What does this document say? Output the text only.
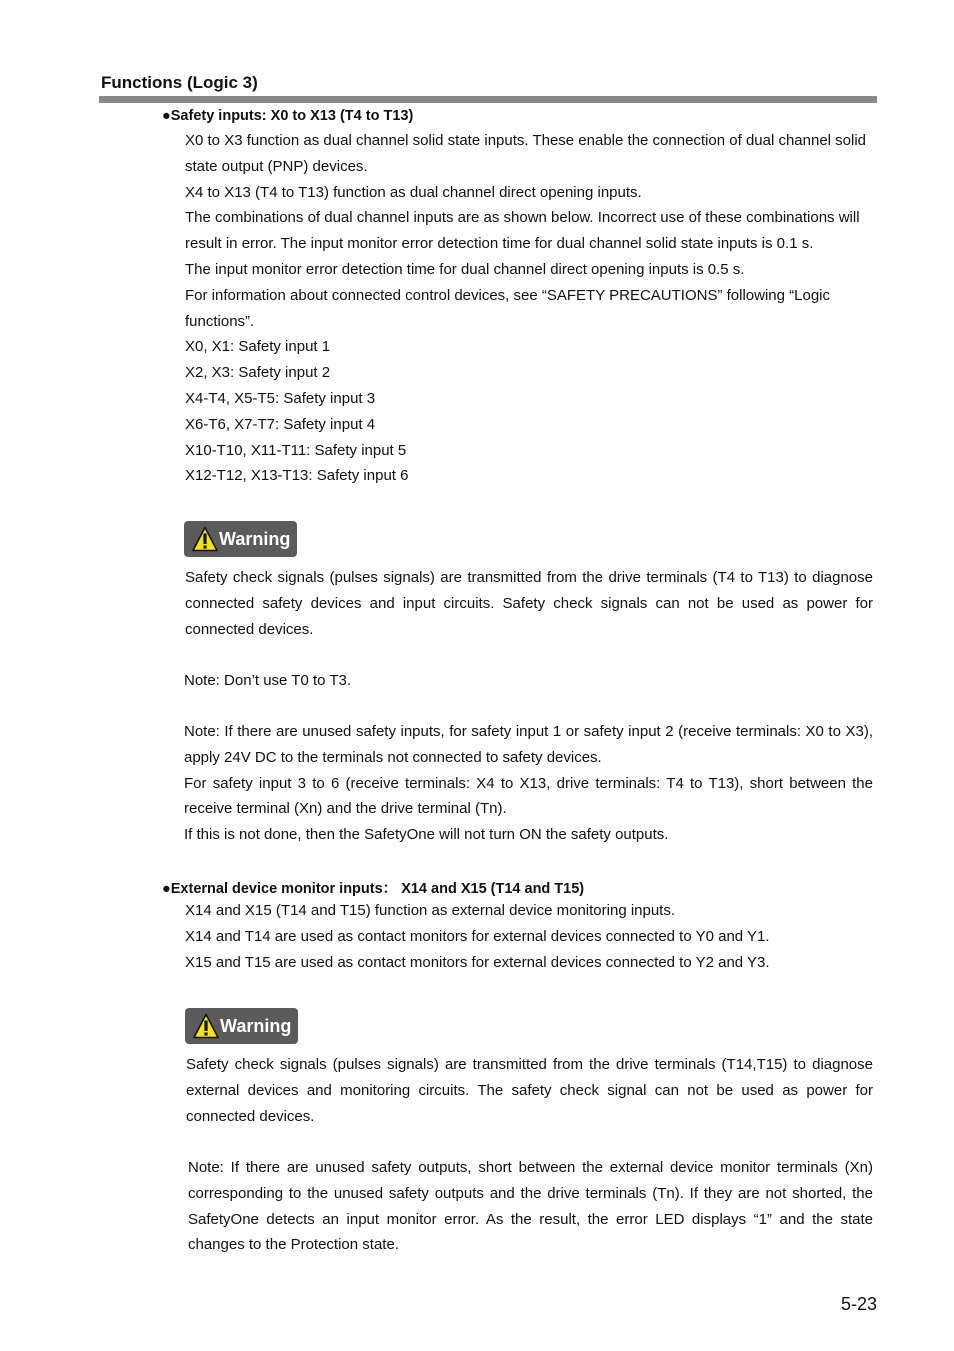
Functions (Logic 3)
●Safety inputs: X0 to X13 (T4 to T13)

X0 to X3 function as dual channel solid state inputs. These enable the connection of dual channel solid state output (PNP) devices.

X4 to X13 (T4 to T13) function as dual channel direct opening inputs.

The combinations of dual channel inputs are as shown below. Incorrect use of these combinations will result in error. The input monitor error detection time for dual channel solid state inputs is 0.1 s.

The input monitor error detection time for dual channel direct opening inputs is 0.5 s.

For information about connected control devices, see “SAFETY PRECAUTIONS” following “Logic functions”.

X0, X1: Safety input 1

X2, X3: Safety input 2

X4-T4, X5-T5: Safety input 3

X6-T6, X7-T7: Safety input 4

X10-T10, X11-T11: Safety input 5

X12-T12, X13-T13: Safety input 6

Warning

Safety check signals (pulses signals) are transmitted from the drive terminals (T4 to T13) to diagnose connected safety devices and input circuits. Safety check signals can not be used as power for connected devices.

Note: Don’t use T0 to T3.

Note: If there are unused safety inputs, for safety input 1 or safety input 2 (receive terminals: X0 to X3), apply 24V DC to the terminals not connected to safety devices.

For safety input 3 to 6 (receive terminals: X4 to X13, drive terminals: T4 to T13), short between the receive terminal (Xn) and the drive terminal (Tn).

If this is not done, then the SafetyOne will not turn ON the safety outputs.

●External device monitor inputs： X14 and X15 (T14 and T15)

X14 and X15 (T14 and T15) function as external device monitoring inputs.

X14 and T14 are used as contact monitors for external devices connected to Y0 and Y1.

X15 and T15 are used as contact monitors for external devices connected to Y2 and Y3.

Warning

Safety check signals (pulses signals) are transmitted from the drive terminals (T14,T15) to diagnose external devices and monitoring circuits. The safety check signal can not be used as power for connected devices.

Note: If there are unused safety outputs, short between the external device monitor terminals (Xn) corresponding to the unused safety outputs and the drive terminals (Tn). If they are not shorted, the SafetyOne detects an input monitor error. As the result, the error LED displays “1” and the state changes to the Protection state.

5-23
